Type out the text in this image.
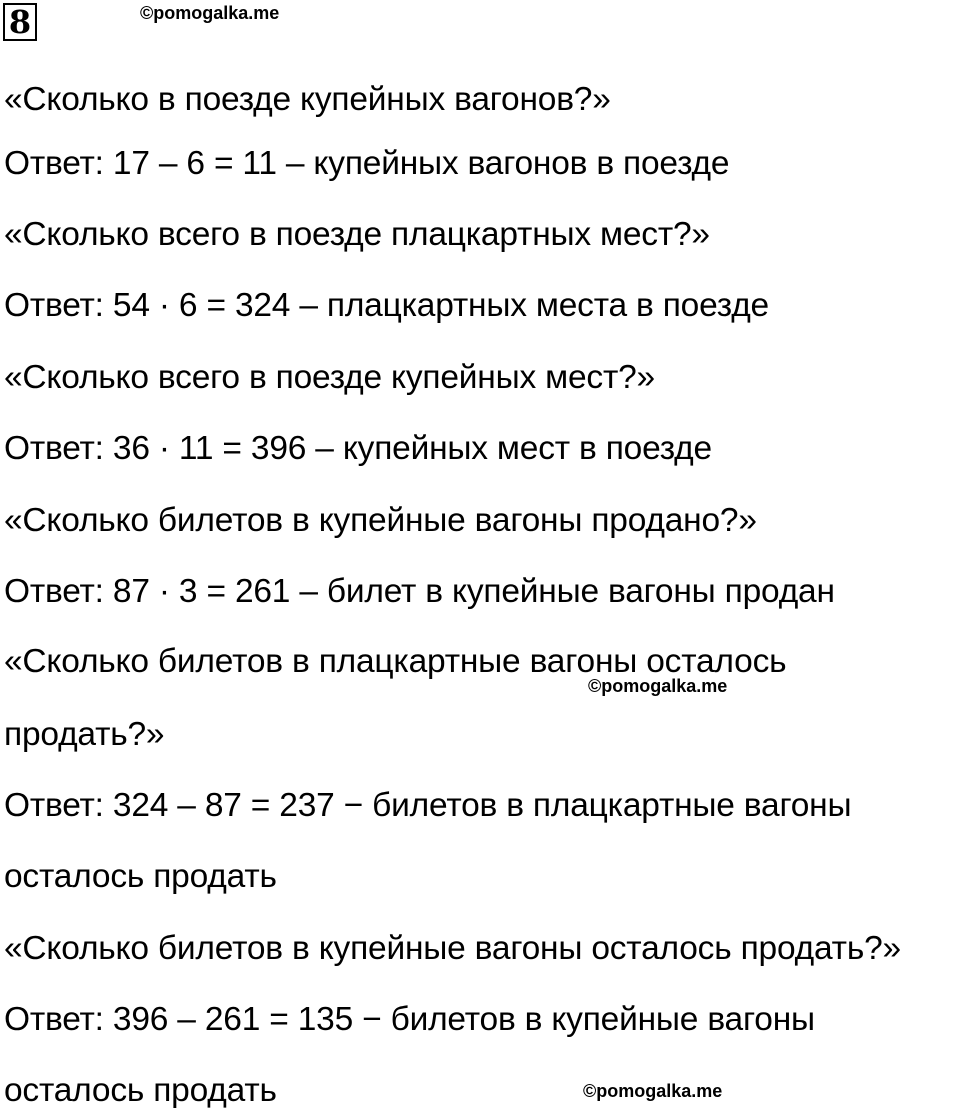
8	©pomogalka.me
«Сколько в поезде купейных вагонов?»
Ответ: 17 – 6 = 11 – купейных вагонов в поезде
«Сколько всего в поезде плацкартных мест?»
Ответ: 54 · 6 = 324 – плацкартных места в поезде
«Сколько всего в поезде купейных мест?»
Ответ: 36 · 11 = 396 – купейных мест в поезде
«Сколько билетов в купейные вагоны продано?»
Ответ: 87 · 3 = 261 – билет в купейные вагоны продан
«Сколько билетов в плацкартные вагоны осталось
©pomogalka.me
продать?»
Ответ: 324 – 87 = 237 − билетов в плацкартные вагоны
осталось продать
«Сколько билетов в купейные вагоны осталось продать?»
Ответ: 396 – 261 = 135 − билетов в купейные вагоны
осталось продать	©pomogalka.me
